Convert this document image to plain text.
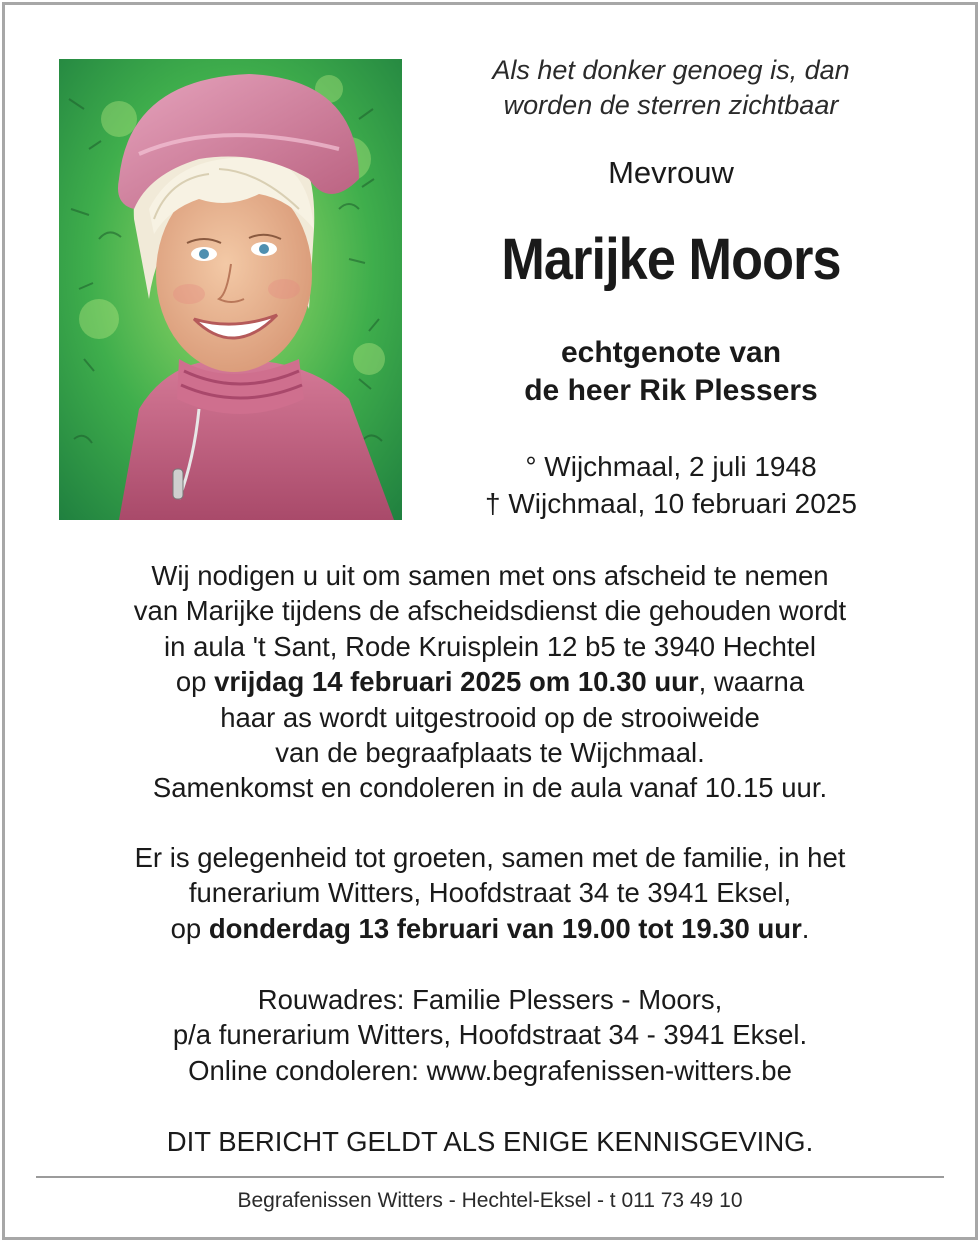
Als het donker genoeg is, dan

worden de sterren zichtbaar

Mevrouw
Marijke Moors

echtgenote van

de heer Rik Plessers

° Wijchmaal, 2 juli 1948

† Wijchmaal, 10 februari 2025

Wij nodigen u uit om samen met ons afscheid te nemen

van Marijke tijdens de afscheidsdienst die gehouden wordt

in aula 't Sant, Rode Kruisplein 12 b5 te 3940 Hechtel

op vrijdag 14 februari 2025 om 10.30 uur, waarna

haar as wordt uitgestrooid op de strooiweide

van de begraafplaats te Wijchmaal.

Samenkomst en condoleren in de aula vanaf 10.15 uur.

Er is gelegenheid tot groeten, samen met de familie, in het

funerarium Witters, Hoofdstraat 34 te 3941 Eksel,

op donderdag 13 februari van 19.00 tot 19.30 uur.

Rouwadres: Familie Plessers - Moors,

p/a funerarium Witters, Hoofdstraat 34 - 3941 Eksel.

Online condoleren: www.begrafenissen-witters.be

DIT BERICHT GELDT ALS ENIGE KENNISGEVING.
Begrafenissen Witters - Hechtel-Eksel - t 011 73 49 10
